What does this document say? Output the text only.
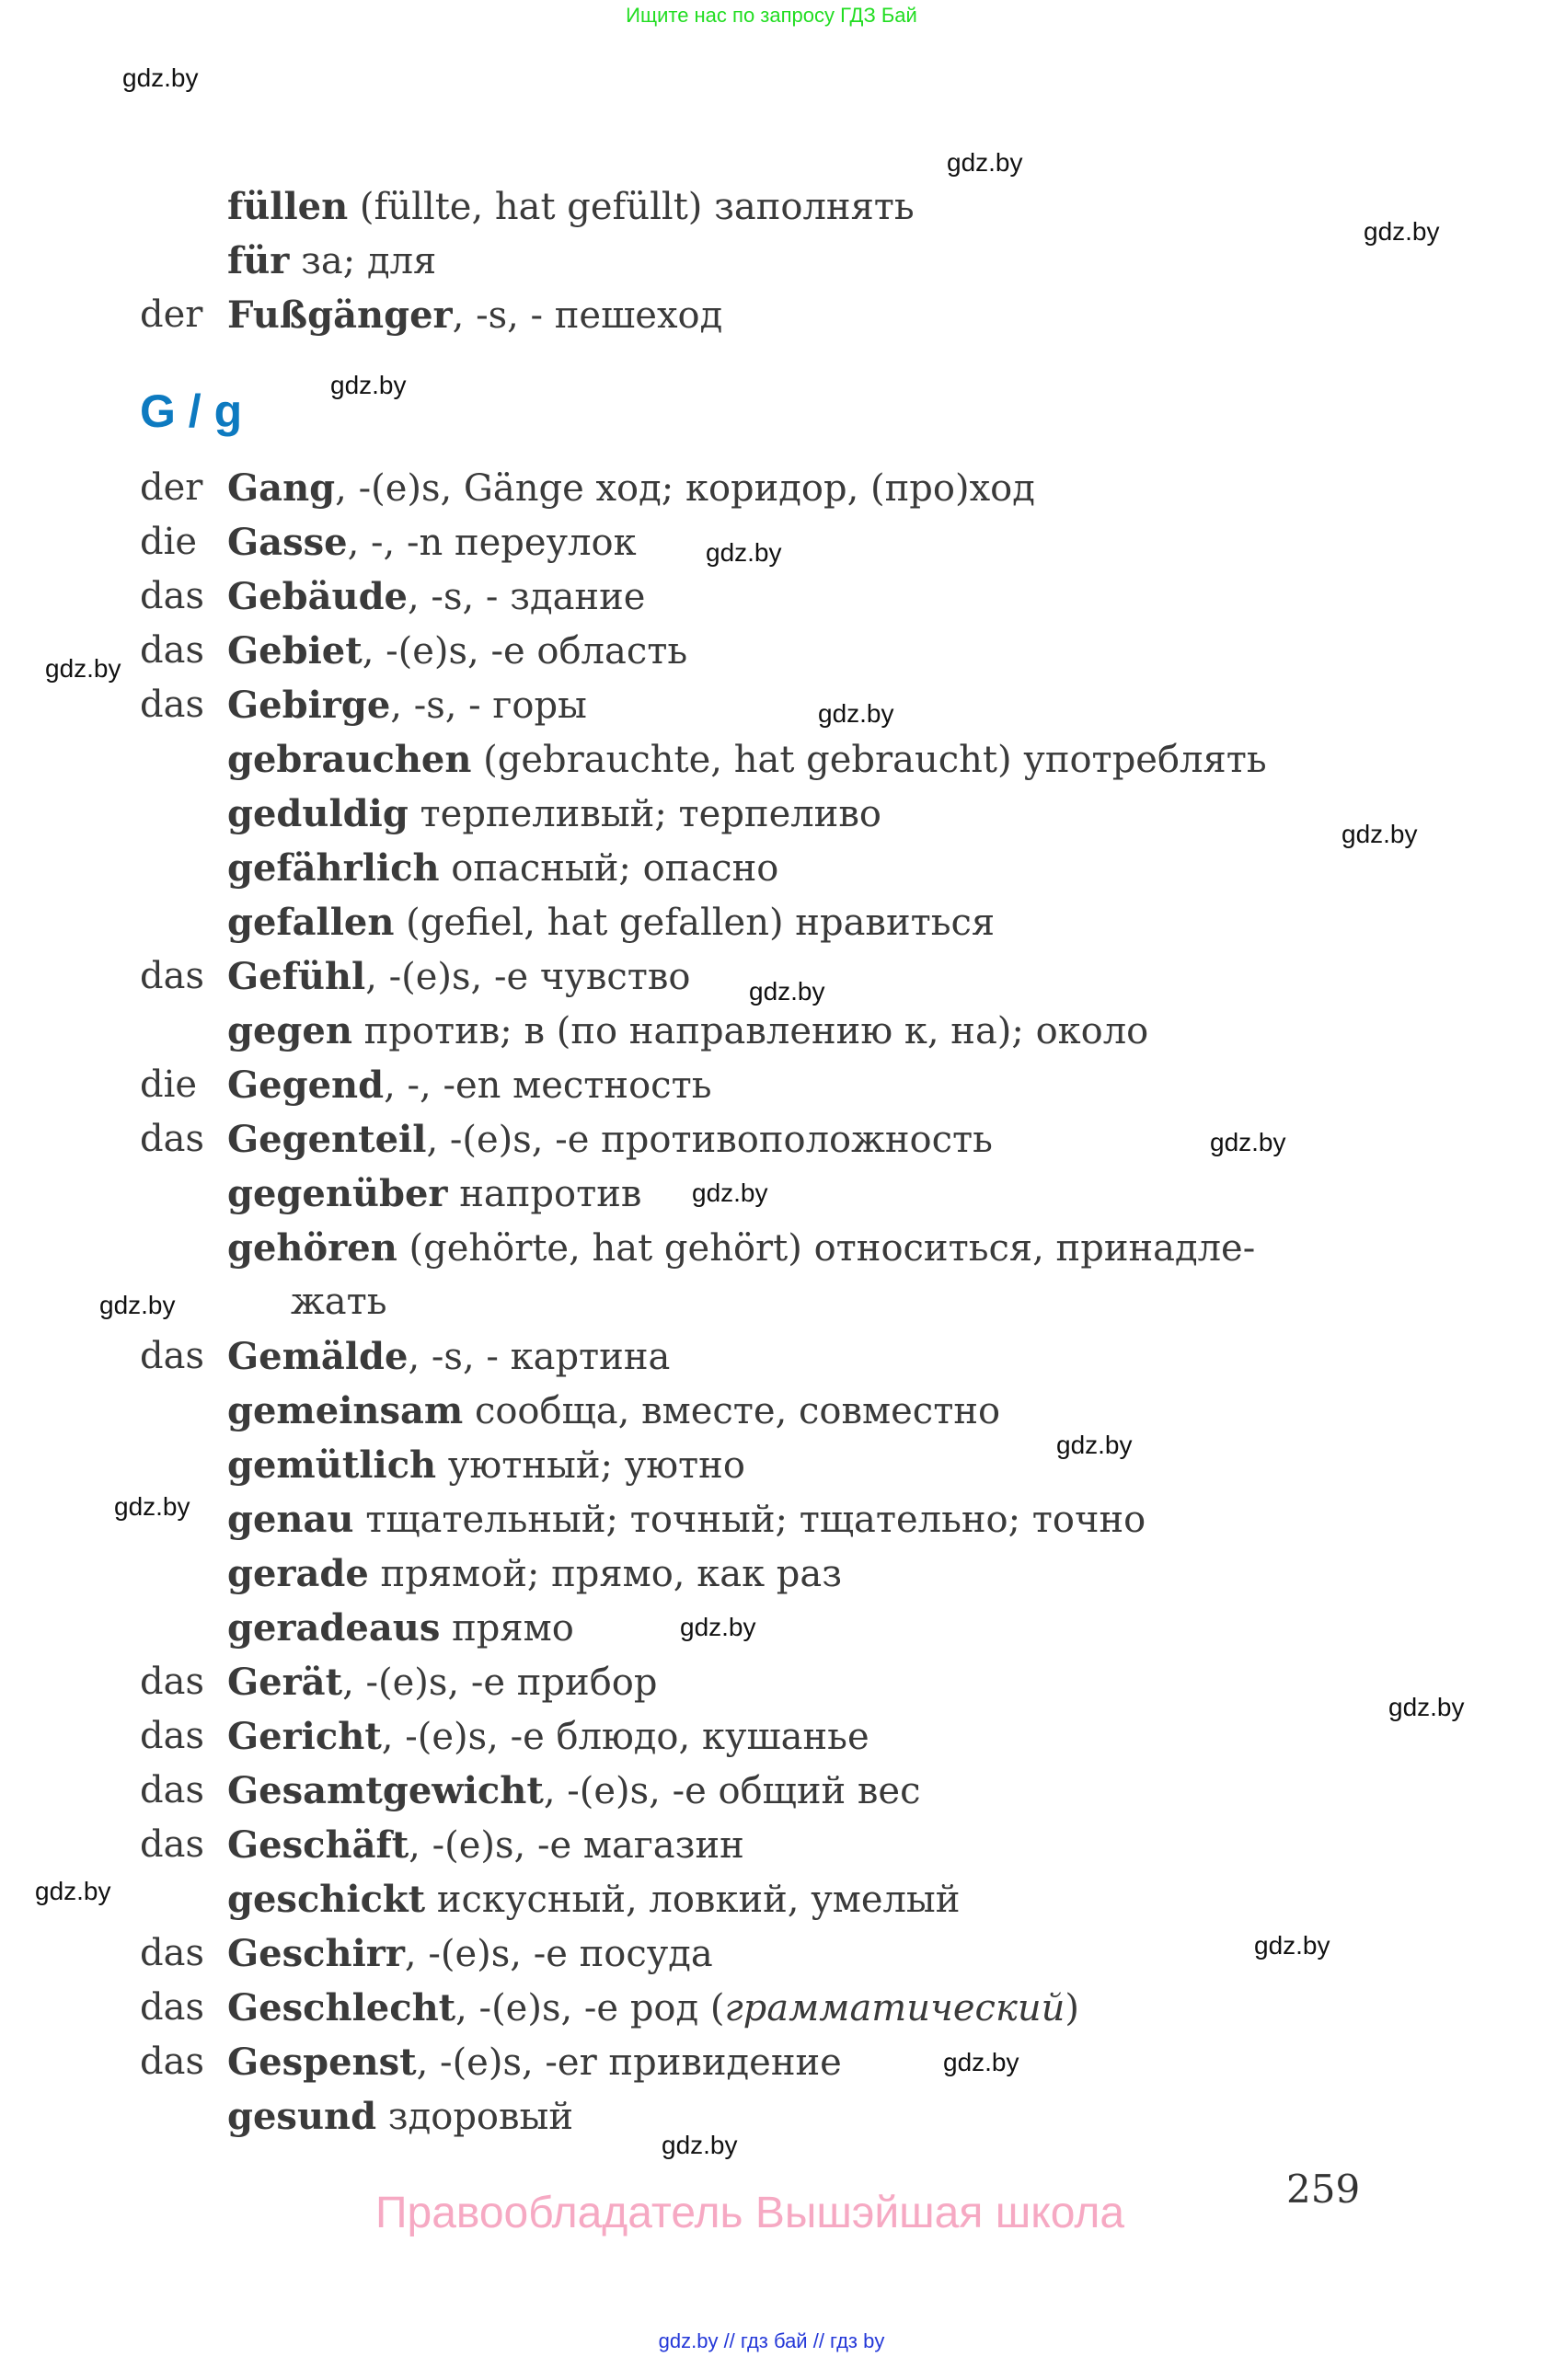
Ищите нас по запросу ГДЗ Бай
füllen (füllte, hat gefüllt) заполнять
für за; для
der Fußgänger, -s, - пешеход
G / g
der Gang, -(e)s, Gänge ход; коридор, (про)ход
die Gasse, -, -n переулок
das Gebäude, -s, - здание
das Gebiet, -(e)s, -e область
das Gebirge, -s, - горы
gebrauchen (gebrauchte, hat gebraucht) употреблять
geduldig терпеливый; терпеливо
gefährlich опасный; опасно
gefallen (gefiel, hat gefallen) нравиться
das Gefühl, -(e)s, -e чувство
gegen против; в (по направлению к, на); около
die Gegend, -, -en местность
das Gegenteil, -(e)s, -e противоположность
gegenüber напротив
gehören (gehörte, hat gehört) относиться, принадле-
жать
das Gemälde, -s, - картина
gemeinsam сообща, вместе, совместно
gemütlich уютный; уютно
genau тщательный; точный; тщательно; точно
gerade прямой; прямо, как раз
geradeaus прямо
das Gerät, -(e)s, -e прибор
das Gericht, -(e)s, -e блюдо, кушанье
das Gesamtgewicht, -(e)s, -e общий вес
das Geschäft, -(e)s, -e магазин
geschickt искусный, ловкий, умелый
das Geschirr, -(e)s, -e посуда
das Geschlecht, -(e)s, -e род (грамматический)
das Gespenst, -(e)s, -er привидение
gesund здоровый
gdz.by
gdz.by
gdz.by
gdz.by
gdz.by
gdz.by
gdz.by
gdz.by
gdz.by
gdz.by
gdz.by
gdz.by
gdz.by
gdz.by
gdz.by
gdz.by
gdz.by
gdz.by
gdz.by
gdz.by
259
Правообладатель Вышэйшая школа
gdz.by // гдз бай // гдз by
